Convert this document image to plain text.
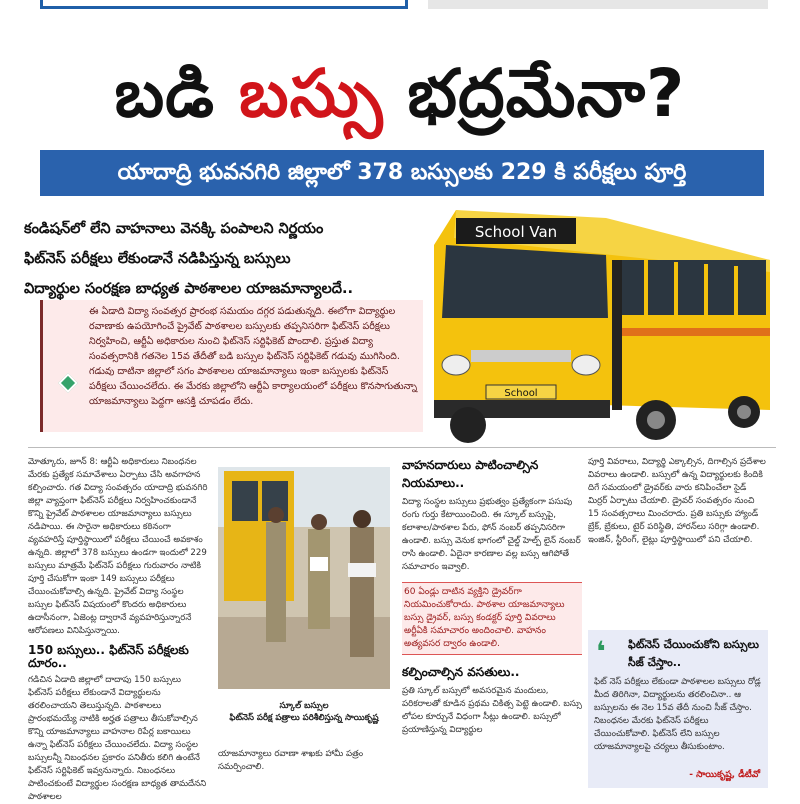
బడి బస్సు భద్రమేనా?
యాదాద్రి భువనగిరి జిల్లాలో 378 బస్సులకు 229 కి పరీక్షలు పూర్తి
కండిషన్‌లో లేని వాహనాలు వెనక్కి పంపాలని నిర్ణయం
ఫిట్‌నెస్ పరీక్షలు లేకుండానే నడిపిస్తున్న బస్సులు
విద్యార్థుల సంరక్షణ బాధ్యత పాఠశాలల యాజమాన్యాలదే..
School Van
School

ఈ ఏడాది విద్యా సంవత్సర ప్రారంభ సమయం దగ్గర పడుతున్నది. ఈలోగా విద్యార్థుల రవాణాకు ఉపయోగించే ప్రైవేట్ పాఠశాలల బస్సులకు తప్పనిసరిగా ఫిట్‌నెస్ పరీక్షలు నిర్వహించి, ఆర్టీఏ అధికారుల నుంచి ఫిట్‌నెస్ సర్టిఫికెట్ పొందాలి. ప్రస్తుత విద్యా సంవత్సరానికి గతనెల 15వ తేదీతో బడి బస్సుల ఫిట్‌నెస్ సర్టిఫికెట్ గడువు ముగిసింది. గడువు దాటినా జిల్లాలో సగం పాఠశాలల యాజమాన్యాలు ఇంకా బస్సులకు ఫిట్‌నెస్ పరీక్షలు చేయించలేదు. ఈ మేరకు జిల్లాలోని ఆర్టీఏ కార్యాలయంలో పరీక్షలు కొనసాగుతున్నా యాజమాన్యాలు పెద్దగా ఆసక్తి చూపడం లేదు.

మోత్కూరు, జూన్ 8: ఆర్టీఏ అధికారులు నిబంధనల మేరకు ప్రత్యేక సమావేశాలు ఏర్పాటు చేసి అవగాహన కల్పించారు. గత విద్యా సంవత్సరం యాదాద్రి భువనగిరి జిల్లా వ్యాప్తంగా ఫిట్‌నెస్ పరీక్షలు నిర్వహించకుండానే కొన్ని ప్రైవేట్ పాఠశాలల యాజమాన్యాలు బస్సులు నడిపాయి. ఈ సారైనా అధికారులు కఠినంగా వ్యవహరిస్తే పూర్తిస్థాయిలో పరీక్షలు చేయించే అవకాశం ఉన్నది. జిల్లాలో 378 బస్సులు ఉండగా ఇందులో 229 బస్సులు మాత్రమే ఫిట్‌నెస్ పరీక్షలు గురువారం నాటికి పూర్తి చేసుకోగా ఇంకా 149 బస్సులు పరీక్షలు చేయించుకోవాల్సి ఉన్నది. ప్రైవేట్ విద్యా సంస్థల బస్సుల ఫిట్‌నెస్ విషయంలో కొందరు అధికారులు ఉదాసీనంగా, ఏజెంట్ల ద్వారానే వ్యవహరిస్తున్నారనే ఆరోపణలు వినిపిస్తున్నాయి.
150 బస్సులు.. ఫిట్‌నెస్ పరీక్షలకు దూరం..
గడిచిన ఏడాది జిల్లాలో దాదాపు 150 బస్సులు ఫిట్‌నెస్ పరీక్షలు లేకుండానే విద్యార్థులను తరలించాయని తెలుస్తున్నది. పాఠశాలలు ప్రారంభమయ్యే నాటికి అర్హత పత్రాలు తీసుకోవాల్సిన కొన్ని యాజమాన్యాలు వాహనాల రిపేర్ల బకాయిలు ఉన్నా ఫిట్‌నెస్ పరీక్షలు చేయించలేదు. విద్యా సంస్థల బస్సులన్నీ నిబంధనల ప్రకారం పనితీరు కలిగి ఉంటేనే ఫిట్‌నెస్ సర్టిఫికెట్ ఇవ్వనున్నారు. నిబంధనలు పాటించకుంటే విద్యార్థుల సంరక్షణ బాధ్యత తామదేనని పాఠశాలల
స్కూల్ బస్సుల
ఫిట్‌నెస్ పరీక్ష పత్రాలు పరిశీలిస్తున్న సాయికృష్ణ
యాజమాన్యాలు రవాణా శాఖకు హామీ పత్రం సమర్పించాలి.
వాహనదారులు పాటించాల్సిన నియమాలు..
విద్యా సంస్థల బస్సులు ప్రభుత్వం ప్రత్యేకంగా పసుపు రంగు గుర్తు కేటాయించింది. ఈ స్కూల్ బస్సుపై, కలాశాల/పాఠశాల పేరు, ఫోన్ నంబర్ తప్పనిసరిగా ఉండాలి. బస్సు వెనుక భాగంలో చైల్డ్ హెల్ప్ లైన్ నంబర్ రాసి ఉండాలి. ఏదైనా కారణాల వల్ల బస్సు ఆగిపోతే సమాచారం ఇవ్వాలి.
60 ఏండ్లు దాటిన వ్యక్తిని డ్రైవర్‌గా నియమించుకోరాదు. పాఠశాల యాజమాన్యాలు బస్సు డ్రైవర్, బస్సు కండక్టర్ పూర్తి వివరాలు అర్టీఏకి సమాచారం అందించాలి. వాహనం అత్యవసర ద్వారం ఉండాలి.
కల్పించాల్సిన వసతులు..
ప్రతి స్కూల్ బస్సులో అవసరమైన మందులు, పరికరాలతో కూడిన ప్రథమ చికిత్స పెట్టె ఉండాలి. బస్సు లోపల కూర్చునే విధంగా సీట్లు ఉండాలి. బస్సులో ప్రయాణిస్తున్న విద్యార్థుల
పూర్తి వివరాలు, విద్యార్థి ఎక్కాల్సిన, దిగాల్సిన ప్రదేశాల వివరాలు ఉండాలి. బస్సులో ఉన్న విద్యార్థులకు కిందికి దిగే సమయంలో డ్రైవర్‌కు వారు కనిపించేలా సైడ్ మిర్రర్ ఏర్పాటు చేయాలి. డ్రైవర్ సంవత్సరం నుంచి 15 సంవత్సరాలు మించరాదు. ప్రతి బస్సుకు హ్యాండ్ బ్రేక్, బ్రేకులు, టైర్ పరిస్థితి, హారన్‌లు సరిగ్గా ఉండాలి. ఇంజిన్, స్టీరింగ్, లైట్లు పూర్తిస్థాయిలో పని చేయాలి.
❛ ఫిట్‌నెస్ చేయించుకోని బస్సులు సీజ్ చేస్తాం..
ఫిట్ నెస్ పరీక్షలు లేకుండా పాఠశాలల బస్సులు రోడ్ల మీద తిరిగినా, విద్యార్థులను తరలించినా.. ఆ బస్సులను ఈ నెల 15వ తేదీ నుంచి సీజ్ చేస్తాం. నిబంధనల మేరకు ఫిట్‌నెస్ పరీక్షలు చేయించుకోవాలి. ఫిట్‌నెస్ లేని బస్సుల యాజమాన్యాలపై చర్యలు తీసుకుంటాం.
- సాయికృష్ణ, డీటీవో
